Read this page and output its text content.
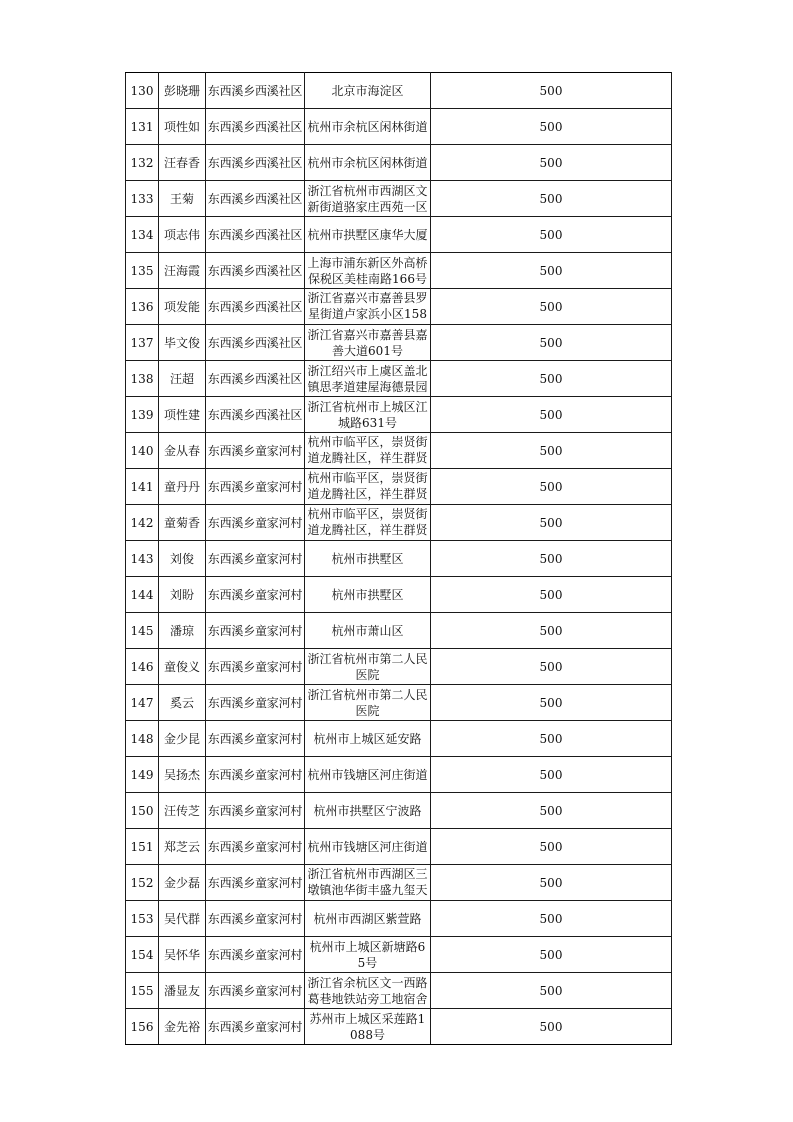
130	彭晓珊	东西溪乡西溪社区	北京市海淀区	500
131	项性如	东西溪乡西溪社区	杭州市余杭区闲林街道	500
132	汪春香	东西溪乡西溪社区	杭州市余杭区闲林街道	500
133	王菊	东西溪乡西溪社区	浙江省杭州市西湖区文新街道骆家庄西苑一区	500
134	项志伟	东西溪乡西溪社区	杭州市拱墅区康华大厦	500
135	汪海霞	东西溪乡西溪社区	上海市浦东新区外高桥保税区美桂南路166号	500
136	项发能	东西溪乡西溪社区	浙江省嘉兴市嘉善县罗星街道卢家浜小区158	500
137	毕文俊	东西溪乡西溪社区	浙江省嘉兴市嘉善县嘉善大道601号	500
138	汪超	东西溪乡西溪社区	浙江绍兴市上虞区盖北镇思孝道建屋海德景园	500
139	项性建	东西溪乡西溪社区	浙江省杭州市上城区江城路631号	500
140	金从春	东西溪乡童家河村	杭州市临平区，崇贤街道龙腾社区，祥生群贤	500
141	童丹丹	东西溪乡童家河村	杭州市临平区，崇贤街道龙腾社区，祥生群贤	500
142	童菊香	东西溪乡童家河村	杭州市临平区，崇贤街道龙腾社区，祥生群贤	500
143	刘俊	东西溪乡童家河村	杭州市拱墅区	500
144	刘盼	东西溪乡童家河村	杭州市拱墅区	500
145	潘琼	东西溪乡童家河村	杭州市萧山区	500
146	童俊义	东西溪乡童家河村	浙江省杭州市第二人民医院	500
147	奚云	东西溪乡童家河村	浙江省杭州市第二人民医院	500
148	金少昆	东西溪乡童家河村	杭州市上城区延安路	500
149	吴扬杰	东西溪乡童家河村	杭州市钱塘区河庄街道	500
150	汪传芝	东西溪乡童家河村	杭州市拱墅区宁波路	500
151	郑芝云	东西溪乡童家河村	杭州市钱塘区河庄街道	500
152	金少磊	东西溪乡童家河村	浙江省杭州市西湖区三墩镇池华街丰盛九玺天	500
153	吴代群	东西溪乡童家河村	杭州市西湖区紫萱路	500
154	吴怀华	东西溪乡童家河村	杭州市上城区新塘路65号	500
155	潘显友	东西溪乡童家河村	浙江省余杭区文一西路葛巷地铁站旁工地宿舍	500
156	金先裕	东西溪乡童家河村	苏州市上城区采莲路1088号	500
